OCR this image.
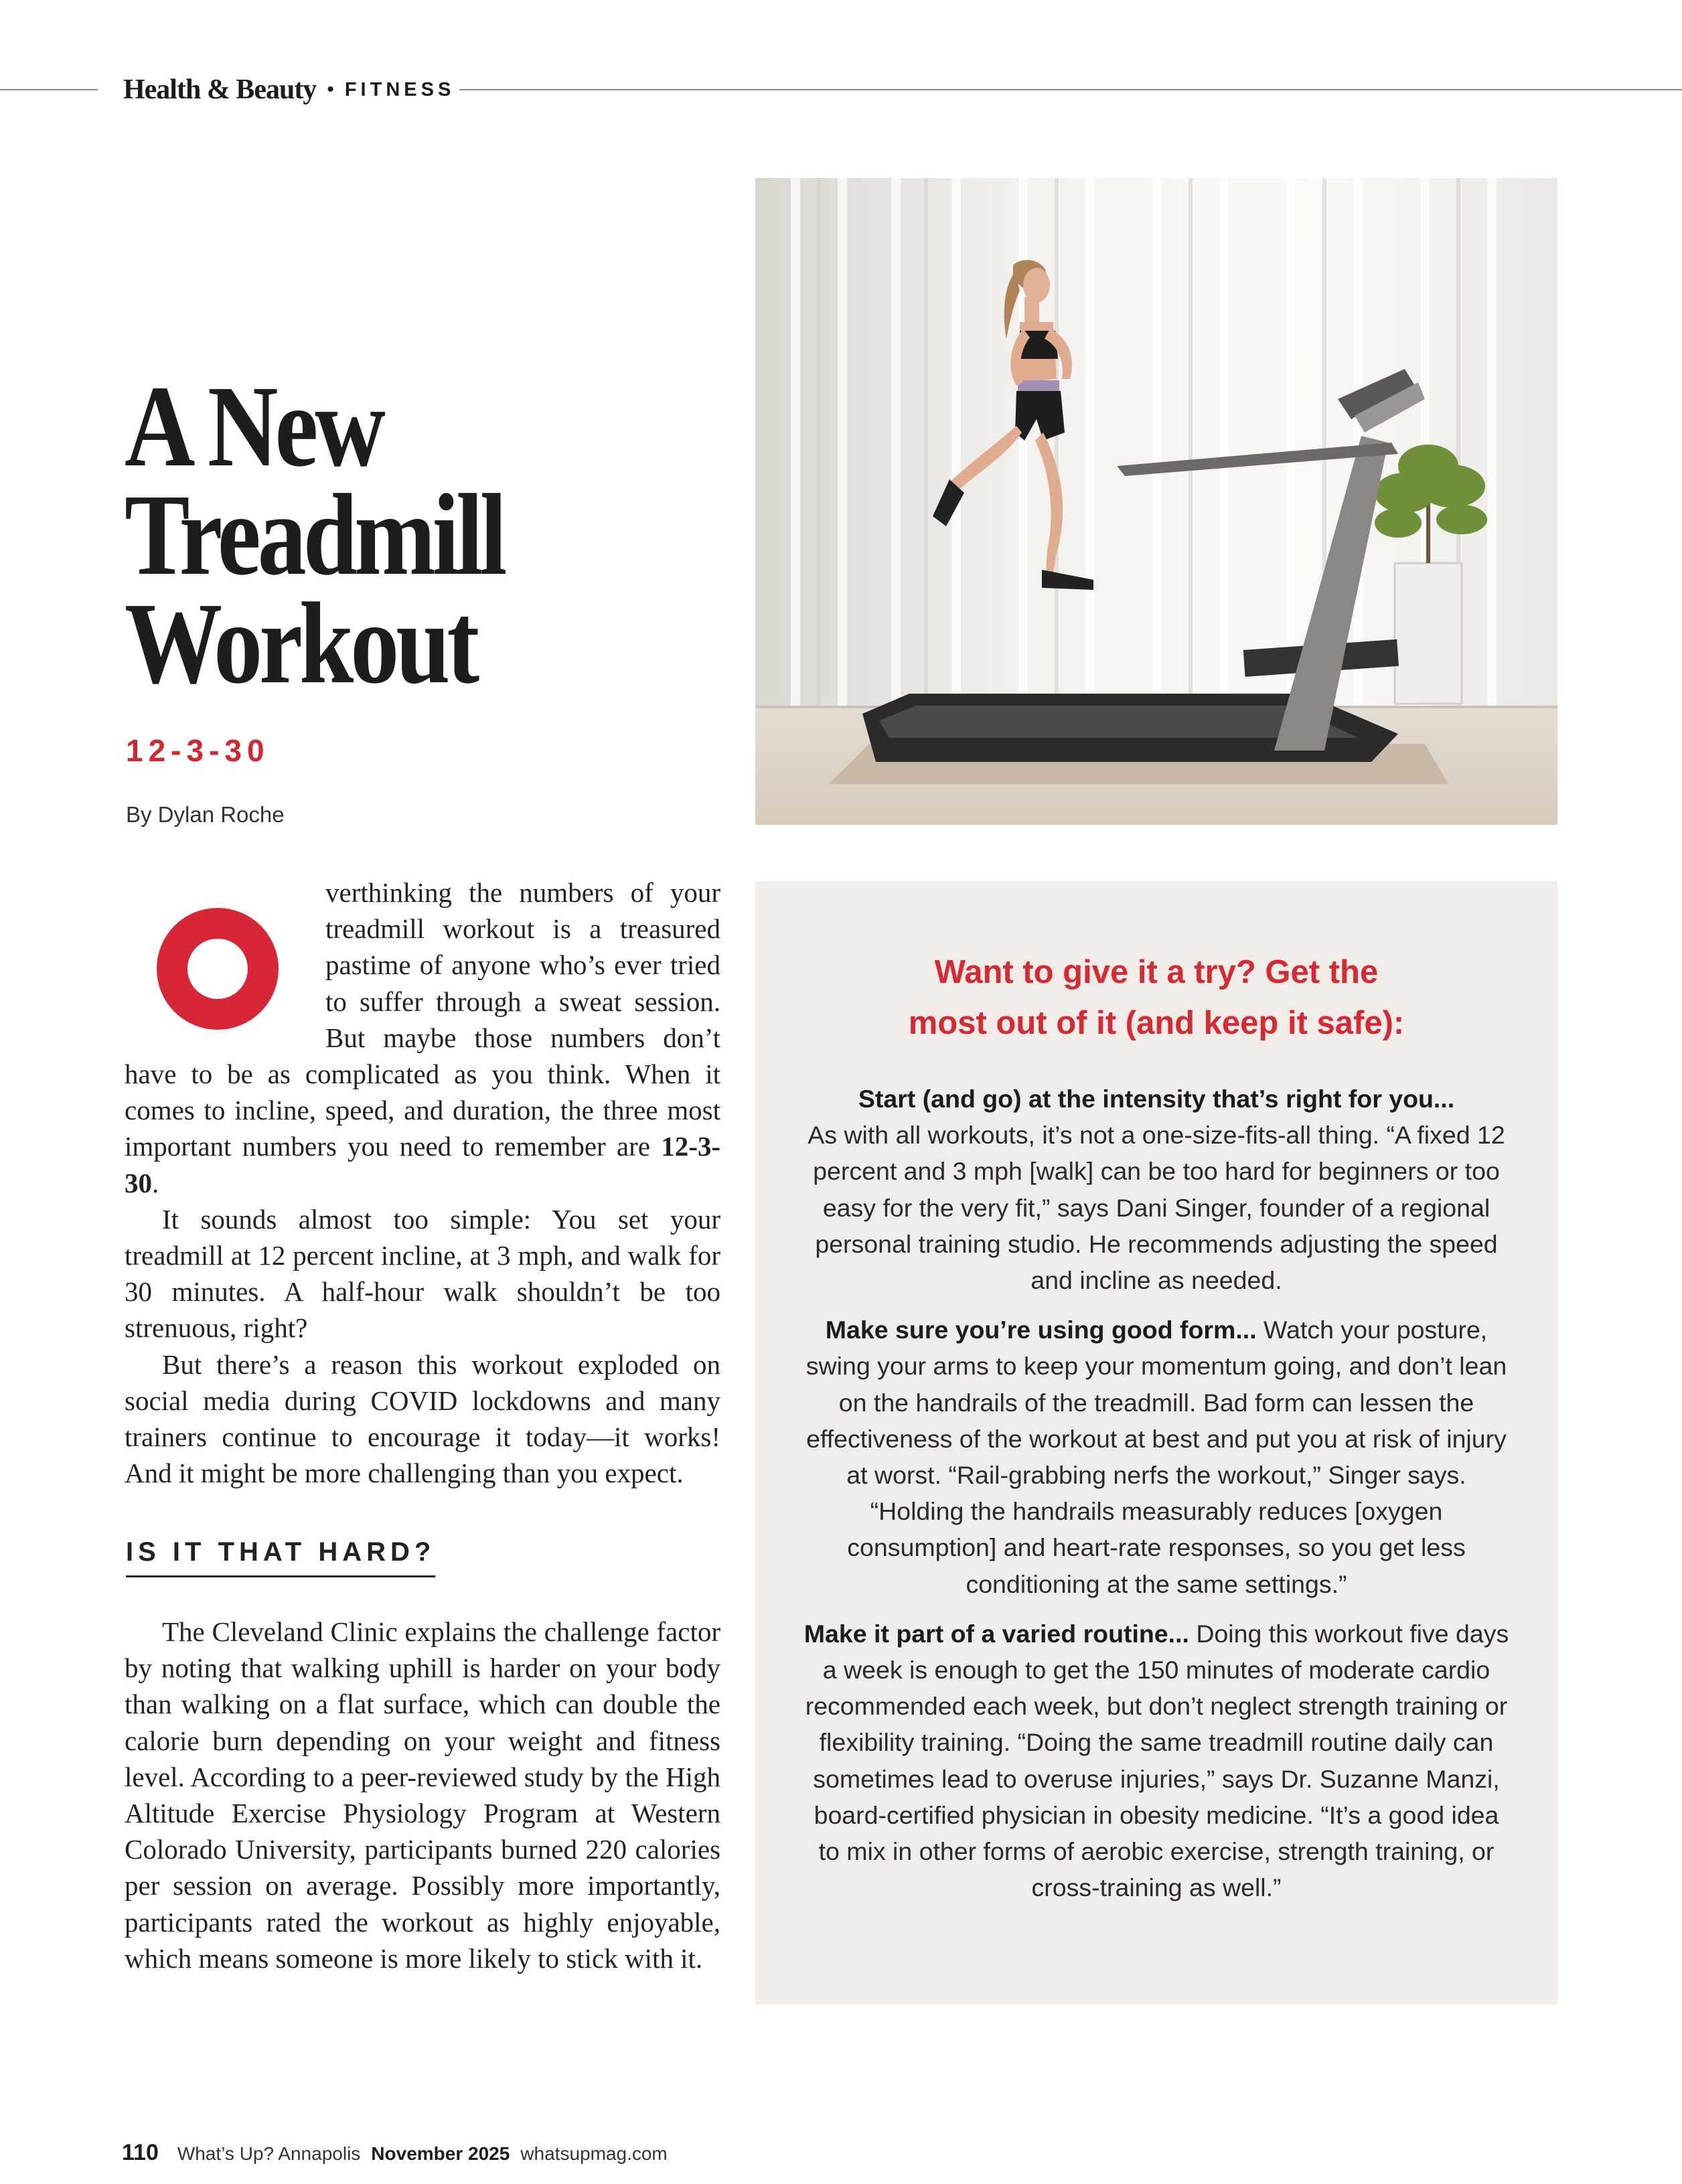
Health & Beauty • FITNESS
A New
Treadmill
Workout
12-3-30
By Dylan Roche

verthinking the numbers of your treadmill workout is a treasured pastime of anyone who’s ever tried to suffer through a sweat session. But maybe those numbers don’t have to be as complicated as you think. When it comes to incline, speed, and duration, the three most important numbers you need to remember are 12-3-30.

It sounds almost too simple: You set your treadmill at 12 percent incline, at 3 mph, and walk for 30 minutes. A half-hour walk shouldn’t be too strenuous, right?

But there’s a reason this workout exploded on social media during COVID lockdowns and many trainers continue to encourage it today—it works! And it might be more challenging than you expect.

IS IT THAT HARD?

The Cleveland Clinic explains the challenge factor by noting that walking uphill is harder on your body than walking on a flat surface, which can double the calorie burn depending on your weight and fitness level. According to a peer-reviewed study by the High Altitude Exercise Physiology Program at Western Colorado University, participants burned 220 calories per session on average. Possibly more importantly, participants rated the workout as highly enjoyable, which means someone is more likely to stick with it.

Want to give it a try? Get the
most out of it (and keep it safe):

Start (and go) at the intensity that’s right for you...
As with all workouts, it’s not a one-size-fits-all thing. “A fixed 12 percent and 3 mph [walk] can be too hard for beginners or too easy for the very fit,” says Dani Singer, founder of a regional personal training studio. He recommends adjusting the speed and incline as needed.

Make sure you’re using good form... Watch your posture, swing your arms to keep your momentum going, and don’t lean on the handrails of the treadmill. Bad form can lessen the effectiveness of the workout at best and put you at risk of injury at worst. “Rail-grabbing nerfs the workout,” Singer says. “Holding the handrails measurably reduces [oxygen consumption] and heart-rate responses, so you get less conditioning at the same settings.”

Make it part of a varied routine... Doing this workout five days a week is enough to get the 150 minutes of moderate cardio recommended each week, but don’t neglect strength training or flexibility training. “Doing the same treadmill routine daily can sometimes lead to overuse injuries,” says Dr. Suzanne Manzi, board-certified physician in obesity medicine. “It’s a good idea to mix in other forms of aerobic exercise, strength training, or cross-training as well.”

110 What’s Up? Annapolis November 2025 whatsupmag.com
